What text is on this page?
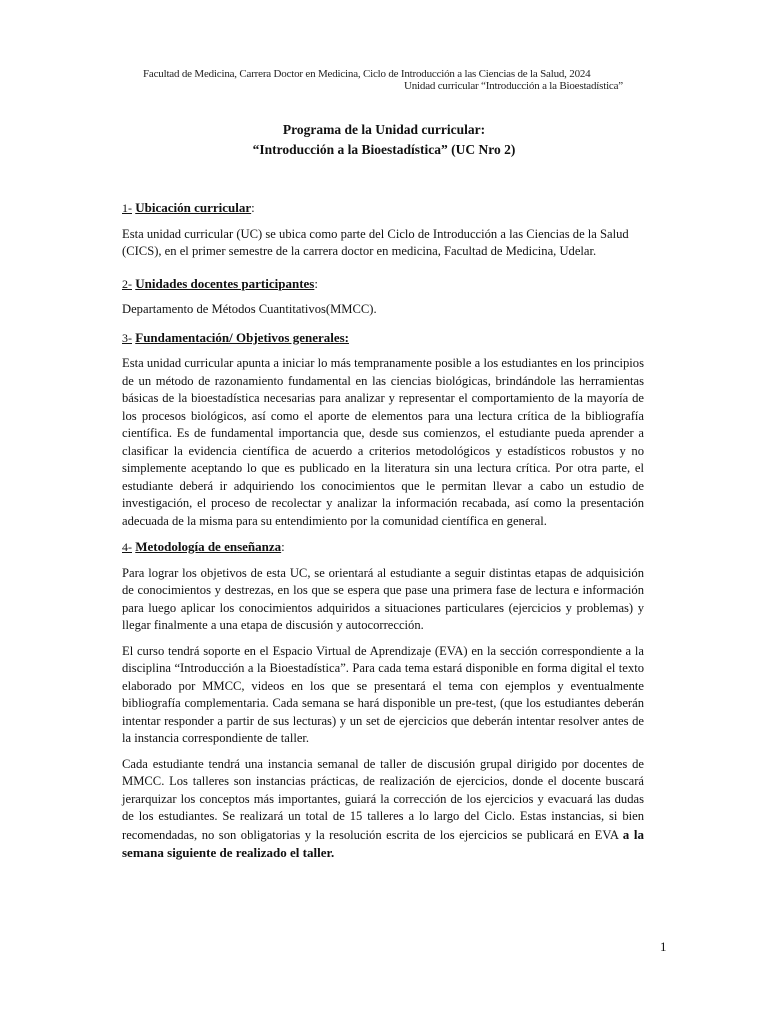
Facultad de Medicina, Carrera Doctor en Medicina, Ciclo de Introducción a las Ciencias de la Salud, 2024
Unidad curricular “Introducción a la Bioestadística”
Programa de la Unidad curricular:
“Introducción a la Bioestadística” (UC Nro 2)
1- Ubicación curricular:

Esta unidad curricular (UC) se ubica como parte del Ciclo de Introducción a las Ciencias de la Salud (CICS), en el primer semestre de la carrera doctor en medicina, Facultad de Medicina, Udelar.

2- Unidades docentes participantes:

Departamento de Métodos Cuantitativos(MMCC).

3- Fundamentación/ Objetivos generales:

Esta unidad curricular apunta a iniciar lo más tempranamente posible a los estudiantes en los principios de un método de razonamiento fundamental en las ciencias biológicas, brindándole las herramientas básicas de la bioestadística necesarias para analizar y representar el comportamiento de la mayoría de los procesos biológicos, así como el aporte de elementos para una lectura crítica de la bibliografía científica. Es de fundamental importancia que, desde sus comienzos, el estudiante pueda aprender a clasificar la evidencia científica de acuerdo a criterios metodológicos y estadísticos robustos y no simplemente aceptando lo que es publicado en la literatura sin una lectura crítica. Por otra parte, el estudiante deberá ir adquiriendo los conocimientos que le permitan llevar a cabo un estudio de investigación, el proceso de recolectar y analizar la información recabada, así como la presentación adecuada de la misma para su entendimiento por la comunidad científica en general.

4- Metodología de enseñanza:

Para lograr los objetivos de esta UC, se orientará al estudiante a seguir distintas etapas de adquisición de conocimientos y destrezas, en los que se espera que pase una primera fase de lectura e información para luego aplicar los conocimientos adquiridos a situaciones particulares (ejercicios y problemas) y llegar finalmente a una etapa de discusión y autocorrección.

El curso tendrá soporte en el Espacio Virtual de Aprendizaje (EVA) en la sección correspondiente a la disciplina “Introducción a la Bioestadística”. Para cada tema estará disponible en forma digital el texto elaborado por MMCC, videos en los que se presentará el tema con ejemplos y eventualmente bibliografía complementaria. Cada semana se hará disponible un pre-test, (que los estudiantes deberán intentar responder a partir de sus lecturas) y un set de ejercicios que deberán intentar resolver antes de la instancia correspondiente de taller.

Cada estudiante tendrá una instancia semanal de taller de discusión grupal dirigido por docentes de MMCC. Los talleres son instancias prácticas, de realización de ejercicios, donde el docente buscará jerarquizar los conceptos más importantes, guiará la corrección de los ejercicios y evacuará las dudas de los estudiantes. Se realizará un total de 15 talleres a lo largo del Ciclo. Estas instancias, si bien recomendadas, no son obligatorias y la resolución escrita de los ejercicios se publicará en EVA a la semana siguiente de realizado el taller.

1
